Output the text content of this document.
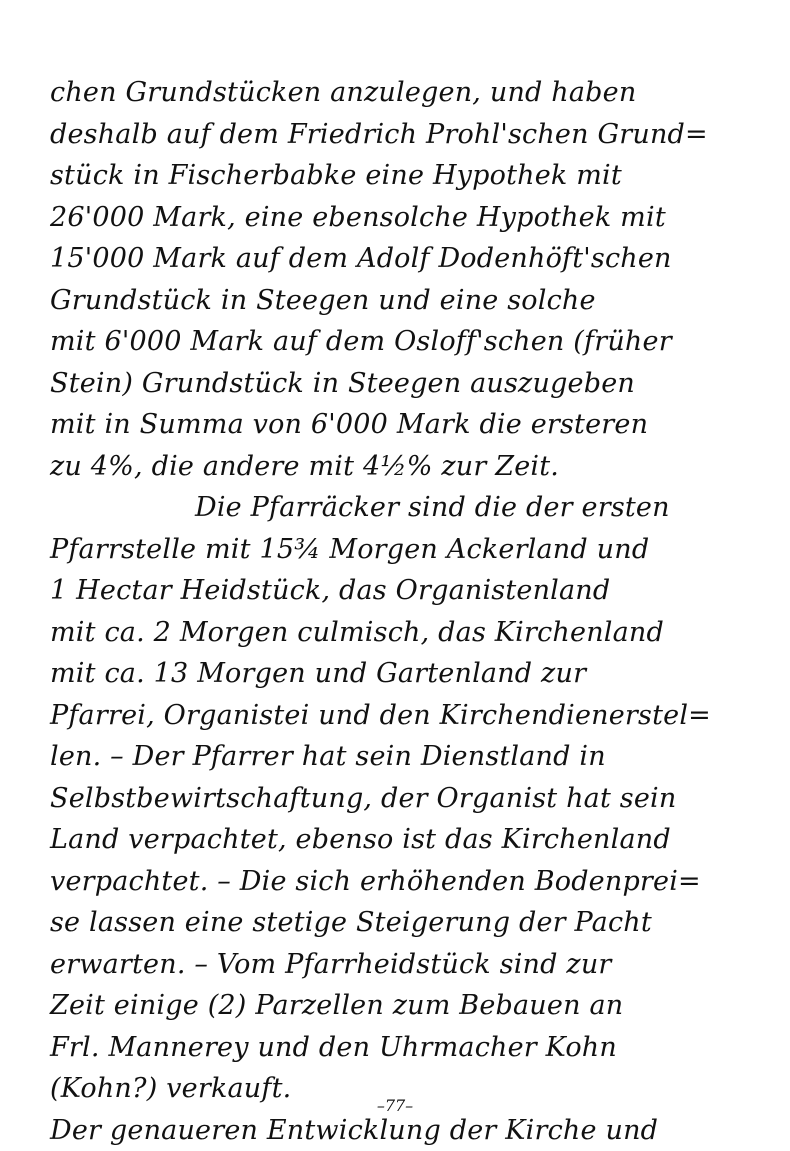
chen Grundstücken anzulegen, und haben
deshalb auf dem Friedrich Prohl'schen Grund=
stück in Fischerbabke eine Hypothek mit
26'000 Mark, eine ebensolche Hypothek mit
15'000 Mark auf dem Adolf Dodenhöft'schen
Grundstück in Steegen und eine solche
mit 6'000 Mark auf dem Osloff'schen (früher
Stein) Grundstück in Steegen auszugeben
mit in Summa von 6'000 Mark die ersteren
zu 4%, die andere mit 4½% zur Zeit.
Die Pfarräcker sind die der ersten
Pfarrstelle mit 15¾ Morgen Ackerland und
1 Hectar Heidstück, das Organistenland
mit ca. 2 Morgen culmisch, das Kirchenland
mit ca. 13 Morgen und Gartenland zur
Pfarrei, Organistei und den Kirchendienerstel=
len. – Der Pfarrer hat sein Dienstland in
Selbstbewirtschaftung, der Organist hat sein
Land verpachtet, ebenso ist das Kirchenland
verpachtet. – Die sich erhöhenden Bodenprei=
se lassen eine stetige Steigerung der Pacht
erwarten. – Vom Pfarrheidstück sind zur
Zeit einige (2) Parzellen zum Bebauen an
Frl. Mannerey und den Uhrmacher Kohn
(Kohn?) verkauft.
Der genaueren Entwicklung der Kirche und
–77–
